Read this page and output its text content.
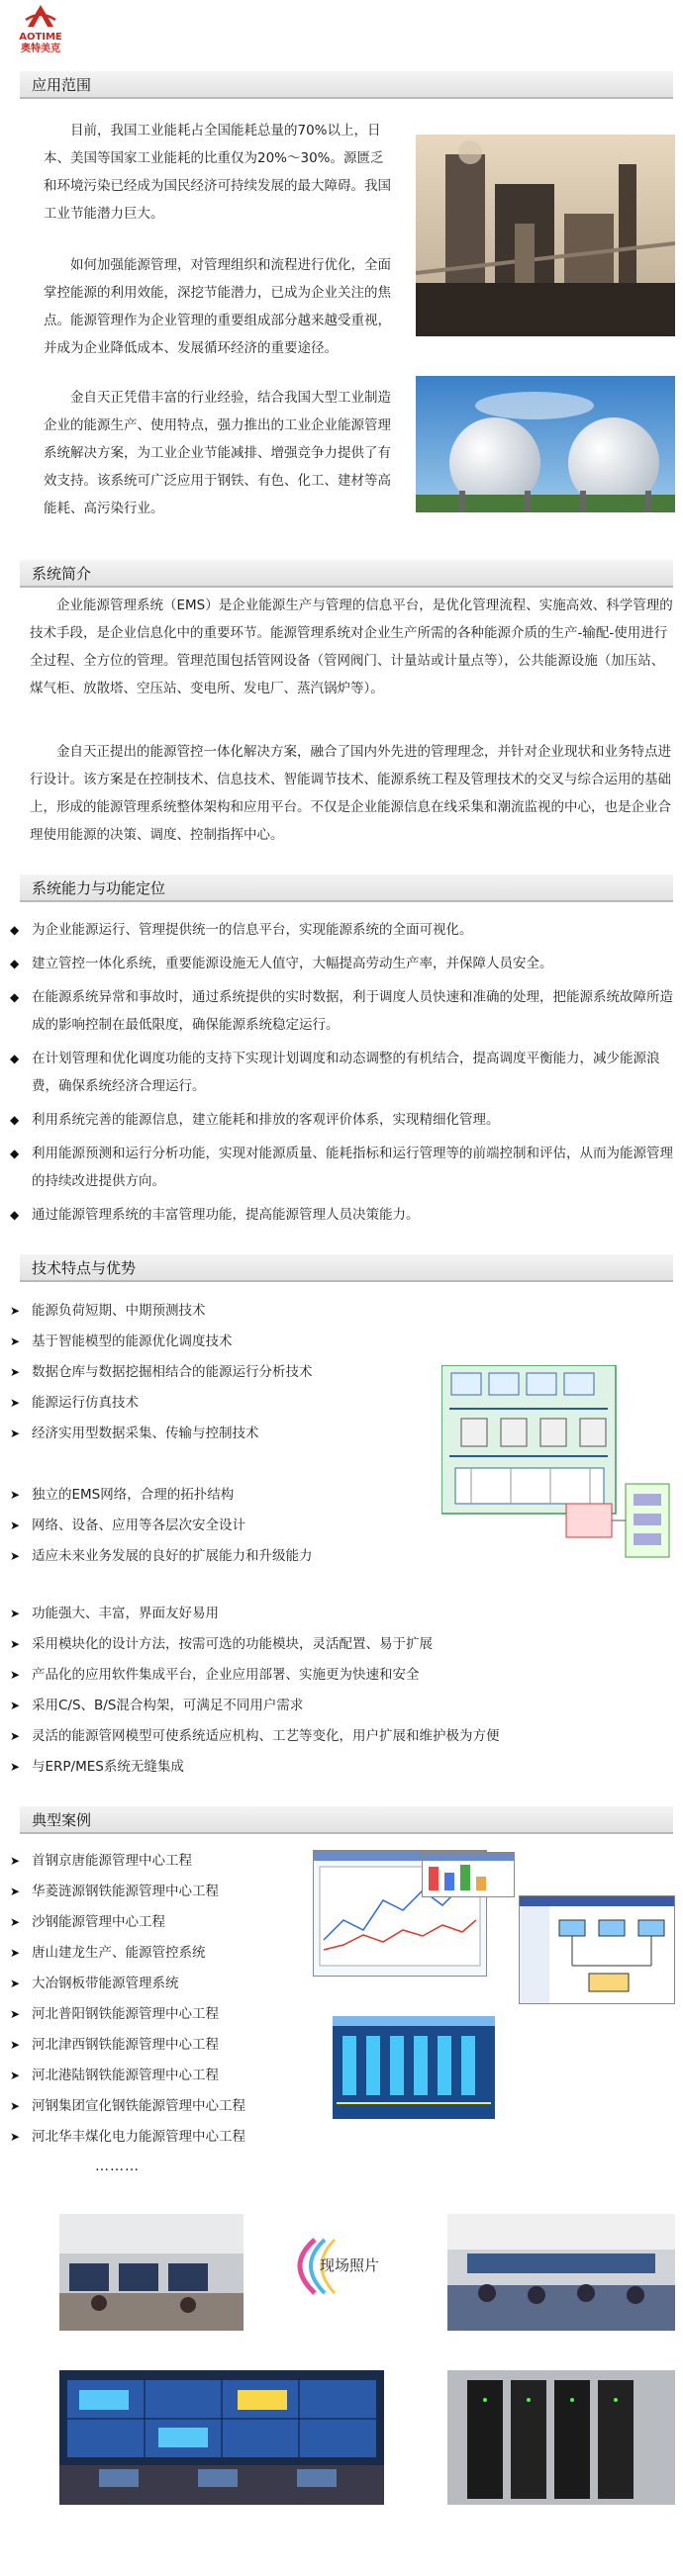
AOTIME
奥特美克
应用范围

目前，我国工业能耗占全国能耗总量的70%以上，日本、美国等国家工业能耗的比重仅为20%～30%。源匮乏和环境污染已经成为国民经济可持续发展的最大障碍。我国工业节能潜力巨大。

如何加强能源管理，对管理组织和流程进行优化，全面掌控能源的利用效能，深挖节能潜力，已成为企业关注的焦点。能源管理作为企业管理的重要组成部分越来越受重视，并成为企业降低成本、发展循环经济的重要途径。

金自天正凭借丰富的行业经验，结合我国大型工业制造企业的能源生产、使用特点，强力推出的工业企业能源管理系统解决方案，为工业企业节能减排、增强竞争力提供了有效支持。该系统可广泛应用于钢铁、有色、化工、建材等高能耗、高污染行业。

系统简介

企业能源管理系统（EMS）是企业能源生产与管理的信息平台，是优化管理流程、实施高效、科学管理的技术手段，是企业信息化中的重要环节。能源管理系统对企业生产所需的各种能源介质的生产-输配-使用进行全过程、全方位的管理。管理范围包括管网设备（管网阀门、计量站或计量点等），公共能源设施（加压站、煤气柜、放散塔、空压站、变电所、发电厂、蒸汽锅炉等）。

金自天正提出的能源管控一体化解决方案，融合了国内外先进的管理理念，并针对企业现状和业务特点进行设计。该方案是在控制技术、信息技术、智能调节技术、能源系统工程及管理技术的交叉与综合运用的基础上，形成的能源管理系统整体架构和应用平台。不仅是企业能源信息在线采集和潮流监视的中心，也是企业合理使用能源的决策、调度、控制指挥中心。

系统能力与功能定位
◆ 为企业能源运行、管理提供统一的信息平台，实现能源系统的全面可视化。
◆ 建立管控一体化系统，重要能源设施无人值守，大幅提高劳动生产率，并保障人员安全。
◆ 在能源系统异常和事故时，通过系统提供的实时数据，利于调度人员快速和准确的处理，把能源系统故障所造成的影响控制在最低限度，确保能源系统稳定运行。
◆ 在计划管理和优化调度功能的支持下实现计划调度和动态调整的有机结合，提高调度平衡能力，减少能源浪费，确保系统经济合理运行。
◆ 利用系统完善的能源信息，建立能耗和排放的客观评价体系，实现精细化管理。
◆ 利用能源预测和运行分析功能，实现对能源质量、能耗指标和运行管理等的前端控制和评估，从而为能源管理的持续改进提供方向。
◆ 通过能源管理系统的丰富管理功能，提高能源管理人员决策能力。
技术特点与优势
➤ 能源负荷短期、中期预测技术
➤ 基于智能模型的能源优化调度技术
➤ 数据仓库与数据挖掘相结合的能源运行分析技术
➤ 能源运行仿真技术
➤ 经济实用型数据采集、传输与控制技术
➤ 独立的EMS网络，合理的拓扑结构
➤ 网络、设备、应用等各层次安全设计
➤ 适应未来业务发展的良好的扩展能力和升级能力
➤ 功能强大、丰富，界面友好易用
➤ 采用模块化的设计方法，按需可选的功能模块，灵活配置、易于扩展
➤ 产品化的应用软件集成平台，企业应用部署、实施更为快速和安全
➤ 采用C/S、B/S混合构架，可满足不同用户需求
➤ 灵活的能源管网模型可使系统适应机构、工艺等变化，用户扩展和维护极为方便
➤ 与ERP/MES系统无缝集成
典型案例
➤ 首钢京唐能源管理中心工程
➤ 华菱涟源钢铁能源管理中心工程
➤ 沙钢能源管理中心工程
➤ 唐山建龙生产、能源管控系统
➤ 大冶钢板带能源管理系统
➤ 河北普阳钢铁能源管理中心工程
➤ 河北津西钢铁能源管理中心工程
➤ 河北港陆钢铁能源管理中心工程
➤ 河钢集团宣化钢铁能源管理中心工程
➤ 河北华丰煤化电力能源管理中心工程
………
现场照片
